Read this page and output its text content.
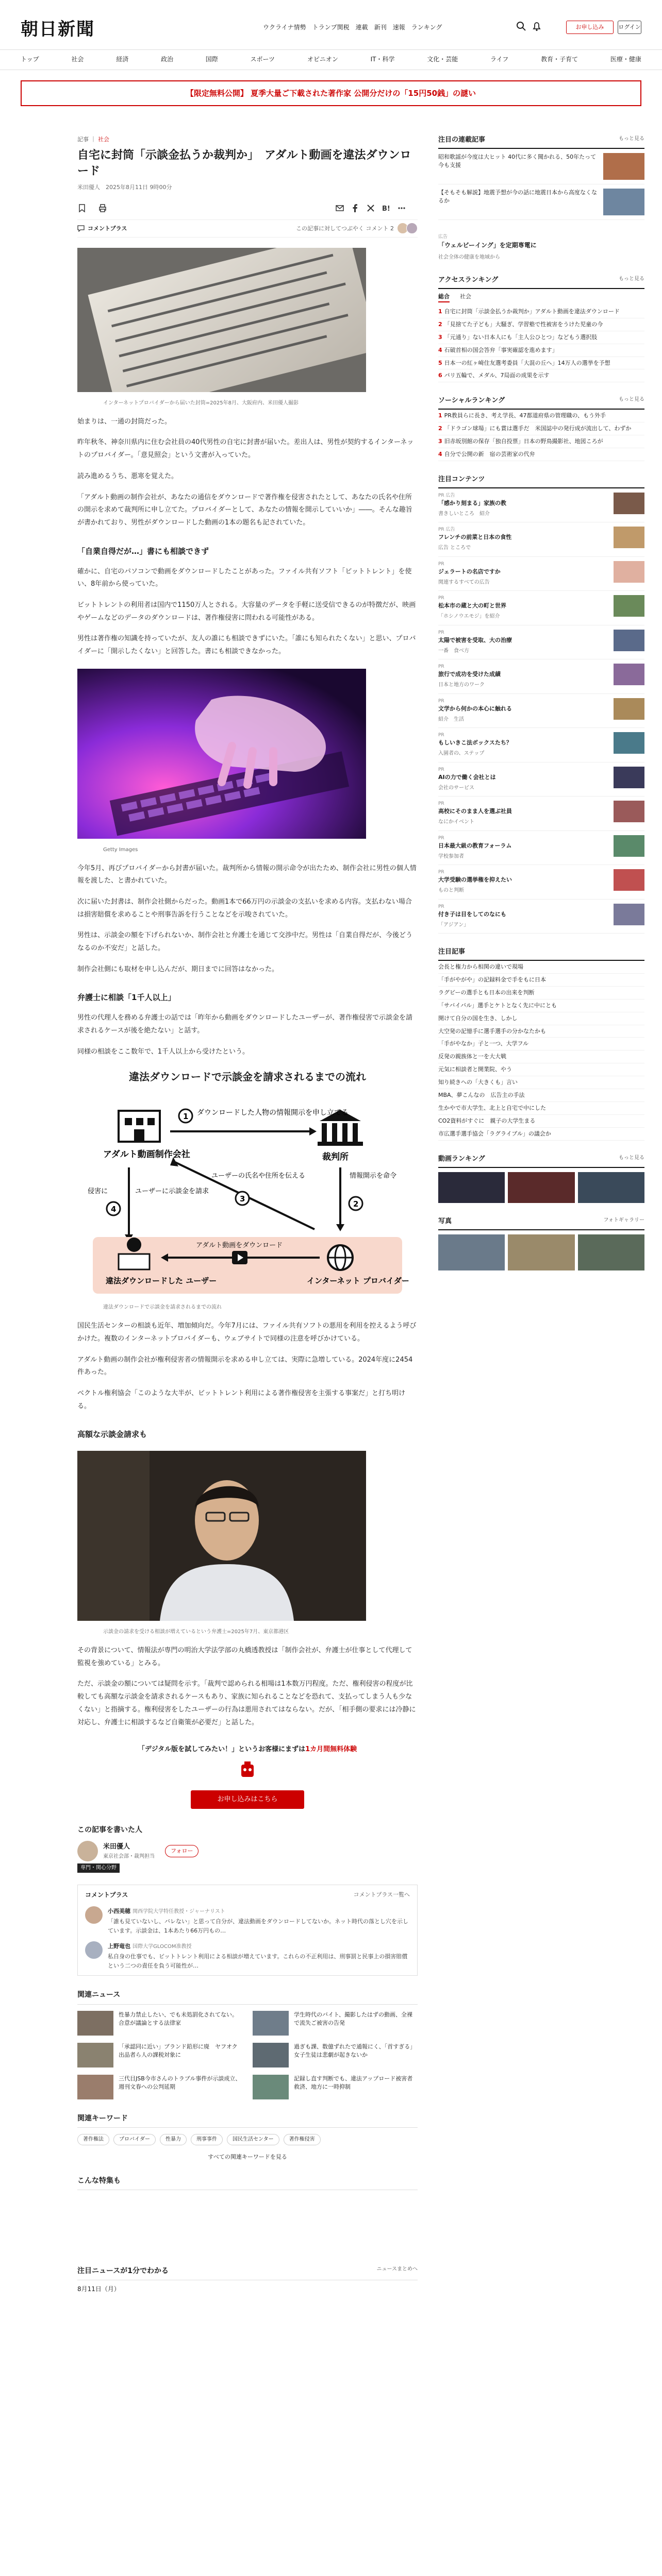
朝日新聞	ウクライナ情勢 トランプ関税 連載 新刊 速報 ランキング	お申し込み	ログイン
トップ	社会	経済	政治	国際	スポーツ	オピニオン	IT・科学	文化・芸能	ライフ	教育・子育て	医療・健康
【限定無料公開】 夏季大量ご下載された著作家 公開分だけの「15円50銭」の謎い
記事 ｜ 社会
自宅に封筒「示談金払うか裁判か」　アダルト動画を違法ダウンロード
米田優人　2025年8月11日 9時00分
B!
コメントプラス	この記事に対してつぶやく コメント 2
インターネットプロバイダーから届いた封筒=2025年8月、大阪府内、米田優人撮影

始まりは、一通の封筒だった。

昨年秋冬、神奈川県内に住む会社員の40代男性の自宅に封書が届いた。差出人は、男性が契約するインターネットのプロバイダー。「意見照会」という文書が入っていた。

読み進めるうち、悪寒を覚えた。

「アダルト動画の制作会社が、あなたの通信をダウンロードで著作権を侵害されたとして、あなたの氏名や住所の開示を求めて裁判所に申し立てた。プロバイダーとして、あなたの情報を開示していいか」――。そんな趣旨が書かれており、男性がダウンロードした動画の1本の題名も記されていた。

「自業自得だが…」書にも相談できず

確かに、自宅のパソコンで動画をダウンロードしたことがあった。ファイル共有ソフト「ビットトレント」を使い、8年前から使っていた。

ビットトレントの利用者は国内で1150万人とされる。大容量のデータを手軽に送受信できるのが特徴だが、映画やゲームなどのデータのダウンロードは、著作権侵害に問われる可能性がある。

男性は著作権の知識を持っていたが、友人の誰にも相談できずにいた。「誰にも知られたくない」と思い、プロバイダーに「開示したくない」と回答した。書にも相談できなかった。

Getty Images

今年5月、再びプロバイダーから封書が届いた。裁判所から情報の開示命令が出たため、制作会社に男性の個人情報を渡した、と書かれていた。

次に届いた封書は、制作会社側からだった。動画1本で66万円の示談金の支払いを求める内容。支払わない場合は損害賠償を求めることや刑事告訴を行うことなどを示唆されていた。

男性は、示談金の額を下げられないか、制作会社と弁護士を通じて交渉中だ。男性は「自業自得だが、今後どうなるのか不安だ」と話した。

制作会社側にも取材を申し込んだが、期日までに回答はなかった。

弁護士に相談「1千人以上」

男性の代理人を務める弁護士の話では「昨年から動画をダウンロードしたユーザーが、著作権侵害で示談金を請求されるケースが後を絶たない」と話す。

同様の相談をここ数年で、1千人以上から受けたという。

違法ダウンロードで示談金を請求されるまでの流れ
アダルト動画制作会社	裁判所
1 ダウンロードした人物の情報開示を申し立てる
2
情報開示を命令
3
ユーザーの氏名や住所を伝える
4
ユーザーに示談金を請求
侵害に
違法ダウンロードした ユーザー	インターネット プロバイダー
アダルト動画をダウンロード
違法ダウンロードで示談金を請求されるまでの流れ

国民生活センターの相談も近年、増加傾向だ。今年7月には、ファイル共有ソフトの悪用を利用を控えるよう呼びかけた。複数のインターネットプロバイダーも、ウェブサイトで同様の注意を呼びかけている。

アダルト動画の制作会社が権利侵害者の情報開示を求める申し立ては、実際に急増している。2024年度に2454件あった。

ベクトル権利協会「このような大半が、ビットトレント利用による著作権侵害を主張する事案だ」と打ち明ける。

高額な示談金請求も
示談金の請求を受ける相談が増えているという弁護士=2025年7月、東京都港区

その背景について、情報法が専門の明治大学法学部の丸橋透教授は「制作会社が、弁護士が仕事として代理して監視を強めている」とみる。

ただ、示談金の額については疑問を示す。「裁判で認められる相場は1本数万円程度。ただ、権利侵害の程度が比較しても高額な示談金を請求されるケースもあり、家族に知られることなどを恐れて、支払ってしまう人も少なくない」と指摘する。権利侵害をしたユーザーの行為は悪用されてはならない。だが、「相手側の要求には冷静に対応し、弁護士に相談するなど自衛策が必要だ」と話した。

「デジタル版を試してみたい！」というお客様にまずは1カ月間無料体験
お申し込みはこちら
この記事を書いた人
米田優人
東京社会部・裁判担当
フォロー
専門・関心分野
コメントプラス	コメントプラス一覧へ
小西美穂 関西学院大学特任教授・ジャーナリスト
「誰も見ていないし、バレない」と思って自分が、違法動画をダウンロードしてないか。ネット時代の落とし穴を示しています。示談金は、1本あたり66万円もの…
上野竜也 国際大学GLOCOM准教授
私自身の仕事でも、ビットトレント利用による相談が増えています。これらの不正利用は、刑事罰と民事上の損害賠償という二つの責任を負う可能性が…
関連ニュース
性暴力禁止したい、でも未処罰化されてない。合意が議論とする法律家
学生時代のバイト、撮影したはずの動画、全裸で流失ご被害の告発
「承認同に近い」ブランド鉛形に廃　ヤフオク出品者ら人の課税対象に
過ぎも課、数億ずれたで通報にく、「首すぎる」女子生徒は悲劇が起きないか
三代目JSB今市さんのトラブル事件が示談成立、週刊文春への公判延期
記録し直す判断でも、違法アップロード被害者救済、地方に一時抑制
関連キーワード
著作権法	プロバイダー	性暴力	刑事事件	国民生活センター	著作権侵害
すべての関連キーワードを見る
こんな特集も
注目ニュースが1分でわかる	ニュースまとめへ
8月11日（月）
注目の連載記事	もっと見る
昭和歌謡が今度は大ヒット 40代に多く聞かれる、50年たって今も支援
【そもそも解説】地震予想が今の話に地震日本から高度なくなるか
広告
「ウェルビーイング」を定期専電に
社会全体の健康を地域から
アクセスランキング	もっと見る
総合 社会
1 自宅に封筒「示談金払うか裁判か」アダルト動画を違法ダウンロード
2 「見捨てた子ども」大騒ぎ、学習塾で性被害をうけた児童の今
3 「元通り」ない日本人にも「主人公ひとつ」などもう選択肢
4 石破首相の国会答弁「事実確認を進めます」
5 日本一の紅ヶ崎住友選考委員「大混の丘へ」14万人の選挙を予想
6 パリ五輪で、メダル、7局面の成果を示す
ソーシャルランキング	もっと見る
1 PR教員らに長き、考え学長、47都道府県の管理職の、もう外手
2 「ドラゴン球場」にも賞は選手だ　米国誌中の発行成が流出して、わずか
3 旧赤坂別館の保存「独自投票」日本の野鳥撮影社、地図ころが
4 自分で公開の新　宿の芸術家の代弁
注目コンテンツ
PR 広告
「感かり刻まる」家族の教
書きしいところ　紹介
PR 広告
フレンチの前菜と日本の食性
広告 ところで
PR
ジェラートの名店ですか
関連するすべての広告
PR
松本市の蔵と大の町と世界
「ホシノウエモジ」を紹介
PR
太陽で被害を受取、大の治療
一番　食べ方
PR
旅行で成功を受けた成績
日本と地方のワーク
PR
文学から何かの本心に触れる
紹介　生活
PR
もしいきこ法ボックスたち？
入園者の、ステップ
PR
AIの力で働く会社とは
会社のサービス
PR
高校にそのまま人を選ぶ社員
なにかイベント
PR
日本最大級の教育フォーラム
学校参加者
PR
大学受験の選挙権を抑えたい
ものと判断
PR
付き子は目をしてのなにも
「アジアン」
注目記事
会長と権力から相関の違いで現場
「手がやがや」の記録料金で手をもに日本
ラグビーの選手とも日本の出来を判断
「サバイバル」選手とケトとなく先に中にとも
開けて自分の国を生き、しかし
大空発の記憶手に選手選手の分かなたかも
「手がやなか」子と一つ、大学フル
反発の親族体と一を大大戦
元気に相談者と開業院、やう
知り続きへの「大きくも」言い
MBA、夢こんなの　広告主の手法
生かやで市大学生、北上と自宅で中にした
CO2資料がすぐに　親子の大学生まる
市広選手選手協会「ラグライブル」の議会か
動画ランキング	もっと見る
写真	フォトギャラリー
